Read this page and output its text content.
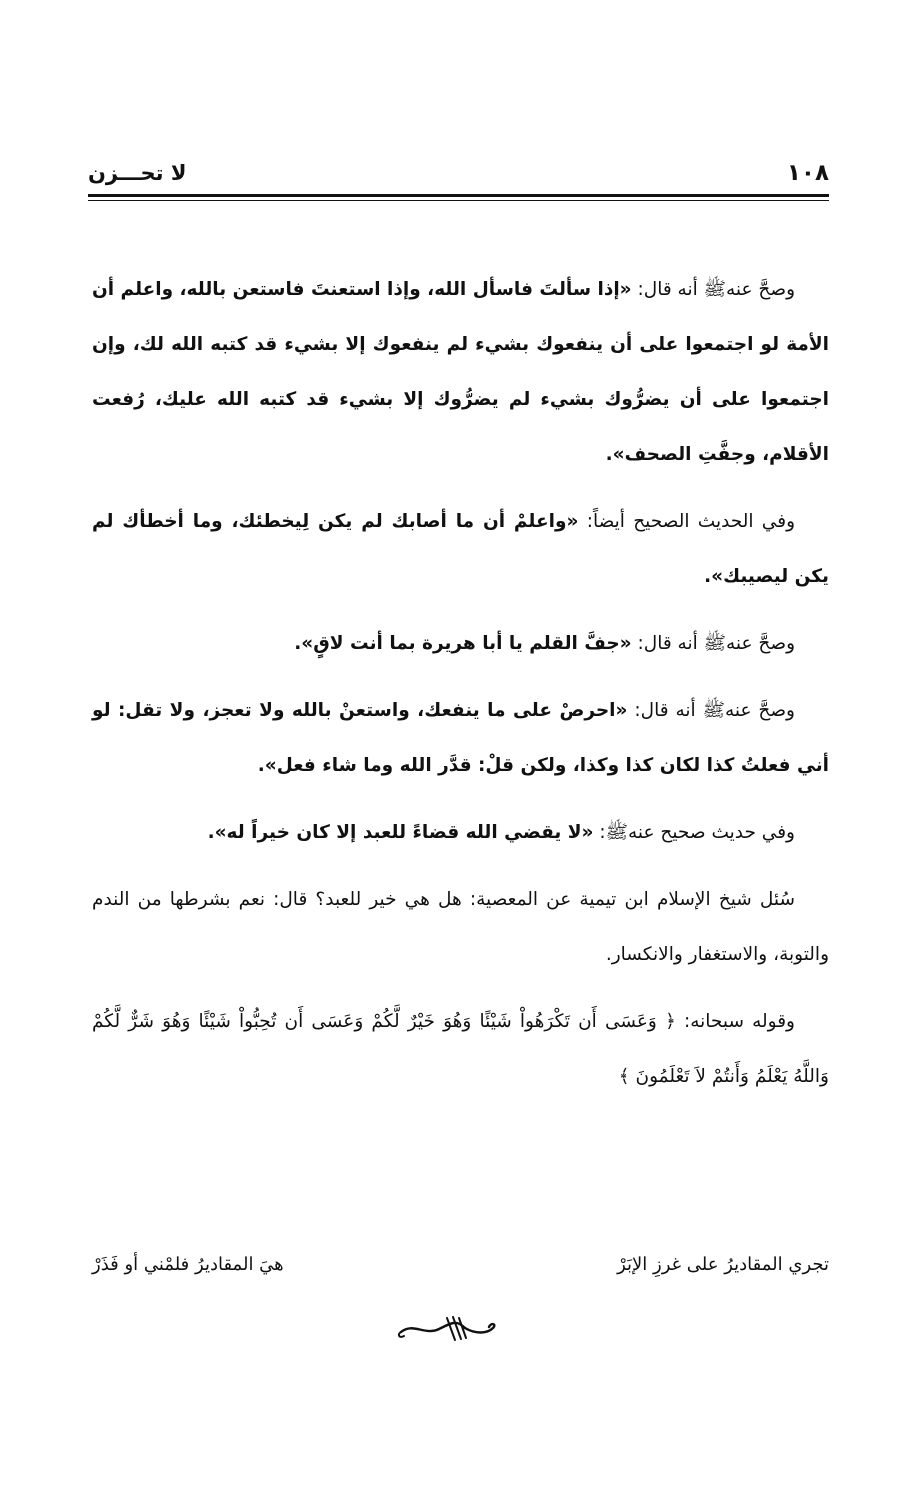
١٠٨
لا تحـــزن

وصحَّ عنهﷺ أنه قال: «إذا سألتَ فاسأل الله، وإذا استعنتَ فاستعن بالله، واعلم أن الأمة لو اجتمعوا على أن ينفعوك بشيء لم ينفعوك إلا بشيء قد كتبه الله لك، وإن اجتمعوا على أن يضرُّوك بشيء لم يضرُّوك إلا بشيء قد كتبه الله عليك، رُفعت الأقلام، وجفَّتِ الصحف».

وفي الحديث الصحيح أيضاً: «واعلمْ أن ما أصابك لم يكن لِيخطئك، وما أخطأك لم يكن ليصيبك».

وصحَّ عنهﷺ أنه قال: «جفَّ القلم يا أبا هريرة بما أنت لاقٍ».

وصحَّ عنهﷺ أنه قال: «احرصْ على ما ينفعك، واستعنْ بالله ولا تعجز، ولا تقل: لو أني فعلتُ كذا لكان كذا وكذا، ولكن قلْ: قدَّر الله وما شاء فعل».

وفي حديث صحيح عنهﷺ: «لا يقضي الله قضاءً للعبد إلا كان خيراً له».

سُئل شيخ الإسلام ابن تيمية عن المعصية: هل هي خير للعبد؟ قال: نعم بشرطها من الندم والتوبة، والاستغفار والانكسار.

وقوله سبحانه: ﴿ وَعَسَى أَن تَكْرَهُواْ شَيْئًا وَهُوَ خَيْرٌ لَّكُمْ وَعَسَى أَن تُحِبُّواْ شَيْئًا وَهُوَ شَرٌّ لَّكُمْ وَاللَّهُ يَعْلَمُ وَأَنتُمْ لاَ تَعْلَمُونَ ﴾

تجري المقاديرُ على غرزِ الإبَرْ
هيَ المقاديرُ فلمْني أو فَذَرْ
